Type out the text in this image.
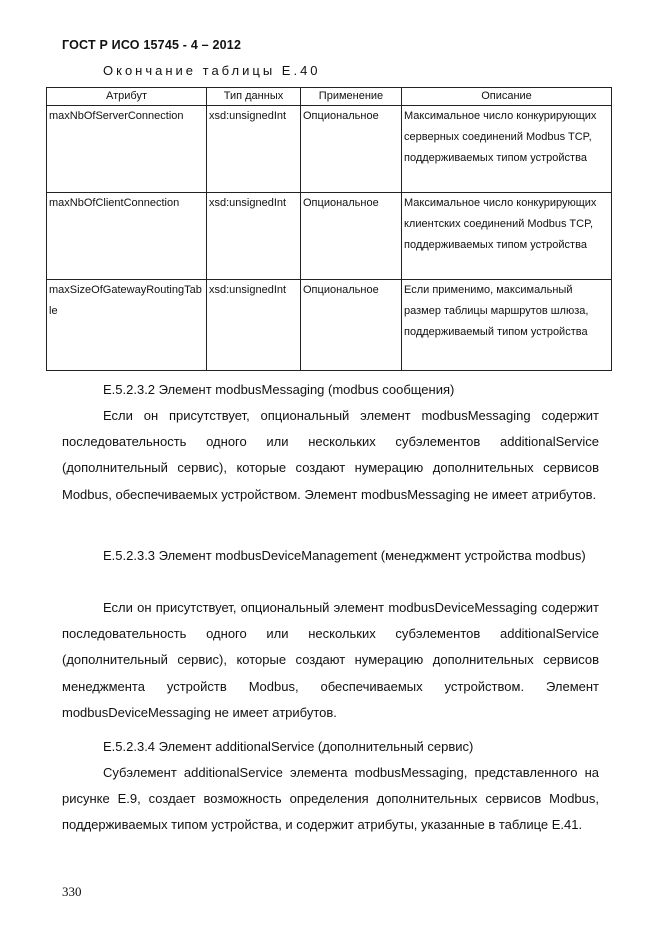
ГОСТ Р ИСО 15745 - 4 – 2012
Окончание таблицы Е.40
Атрибут	Тип данных	Применение	Описание
maxNbOfServerConnection	xsd:unsignedInt	Опциональное	Максимальное число конкурирующих серверных соединений Modbus TCP, поддерживаемых типом устройства
maxNbOfClientConnection	xsd:unsignedInt	Опциональное	Максимальное число конкурирующих клиентских соединений Modbus TCP, поддерживаемых типом устройства
maxSizeOfGatewayRoutingTable	xsd:unsignedInt	Опциональное	Если применимо, максимальный размер таблицы маршрутов шлюза, поддерживаемый типом устройства
Е.5.2.3.2 Элемент modbusMessaging (modbus сообщения)
Если он присутствует, опциональный элемент modbusMessaging содержит последовательность одного или нескольких субэлементов additionalService (дополнительный сервис), которые создают нумерацию дополнительных сервисов Modbus, обеспечиваемых устройством. Элемент modbusMessaging не имеет атрибутов.
Е.5.2.3.3 Элемент modbusDeviceManagement (менеджмент устройства modbus)
Если он присутствует, опциональный элемент modbusDeviceMessaging содержит последовательность одного или нескольких субэлементов additionalService (дополнительный сервис), которые создают нумерацию дополнительных сервисов менеджмента устройств Modbus, обеспечиваемых устройством. Элемент modbusDeviceMessaging не имеет атрибутов.
Е.5.2.3.4 Элемент additionalService (дополнительный сервис)
Субэлемент additionalService элемента modbusMessaging, представленного на рисунке Е.9, создает возможность определения дополнительных сервисов Modbus, поддерживаемых типом устройства, и содержит атрибуты, указанные в таблице Е.41.
330
